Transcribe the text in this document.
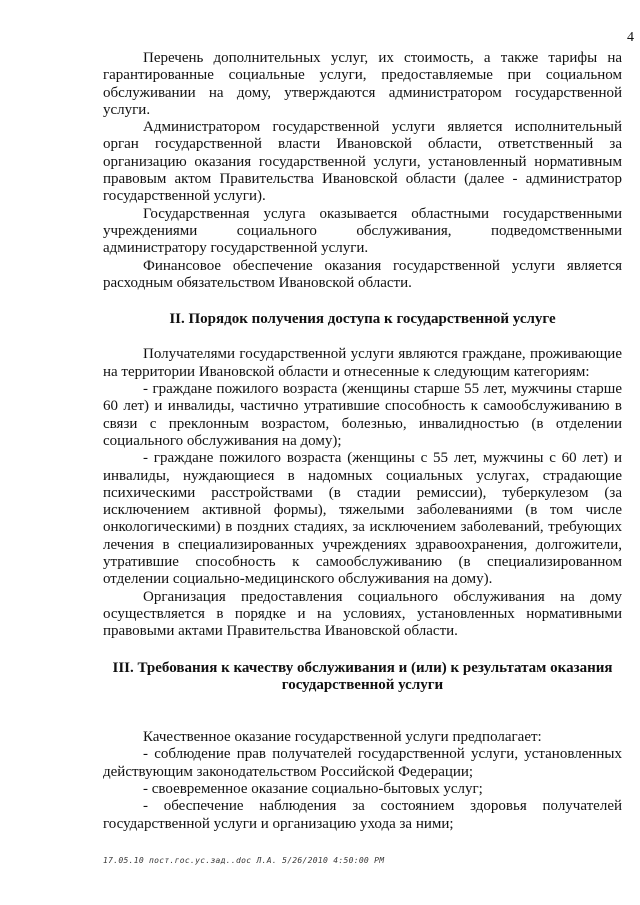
4

Перечень дополнительных услуг, их стоимость, а также тарифы на гарантированные социальные услуги, предоставляемые при социальном обслуживании на дому, утверждаются администратором государственной услуги.

Администратором государственной услуги является исполнительный орган государственной власти Ивановской области, ответственный за организацию оказания государственной услуги, установленный нормативным правовым актом Правительства Ивановской области (далее - администратор государственной услуги).

Государственная услуга оказывается областными государственными учреждениями социального обслуживания, подведомственными администратору государственной услуги.

Финансовое обеспечение оказания государственной услуги является расходным обязательством Ивановской области.

II. Порядок получения доступа к государственной услуге

Получателями государственной услуги являются граждане, проживающие на территории Ивановской области и отнесенные к следующим категориям:

- граждане пожилого возраста (женщины старше 55 лет, мужчины старше 60 лет) и инвалиды, частично утратившие способность к самообслуживанию в связи с преклонным возрастом, болезнью, инвалидностью (в отделении социального обслуживания на дому);

- граждане пожилого возраста (женщины с 55 лет, мужчины с 60 лет) и инвалиды, нуждающиеся в надомных социальных услугах, страдающие психическими расстройствами (в стадии ремиссии), туберкулезом (за исключением активной формы), тяжелыми заболеваниями (в том числе онкологическими) в поздних стадиях, за исключением заболеваний, требующих лечения в специализированных учреждениях здравоохранения, долгожители, утратившие способность к самообслуживанию (в специализированном отделении социально-медицинского обслуживания на дому).

Организация предоставления социального обслуживания на дому осуществляется в порядке и на условиях, установленных нормативными правовыми актами Правительства Ивановской области.

III. Требования к качеству обслуживания и (или) к результатам оказания государственной услуги

Качественное оказание государственной услуги предполагает:

- соблюдение прав получателей государственной услуги, установленных действующим законодательством Российской Федерации;

- своевременное оказание социально-бытовых услуг;

- обеспечение наблюдения за состоянием здоровья получателей государственной услуги и организацию ухода за ними;

17.05.10 пост.гос.ус.зад..doc Л.А. 5/26/2010 4:50:00 PM
